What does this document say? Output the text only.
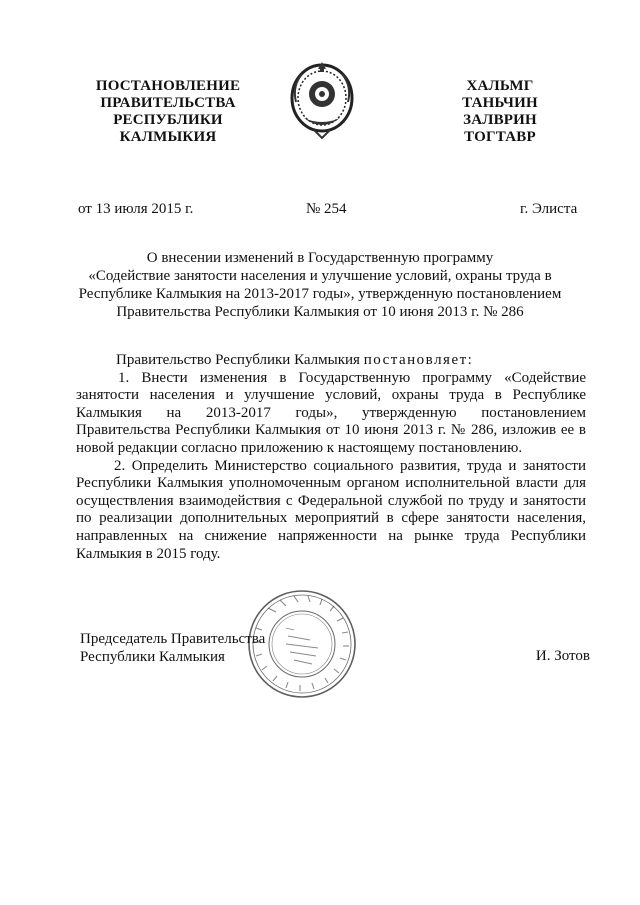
ПОСТАНОВЛЕНИЕ
ПРАВИТЕЛЬСТВА
РЕСПУБЛИКИ
КАЛМЫКИЯ
ХАЛЬМГ
ТАНЬЧИН
ЗАЛВРИН
ТОГТАВР
от 13 июля 2015 г.	№ 254	г. Элиста
О внесении изменений в Государственную программу
«Содействие занятости населения и улучшение условий, охраны труда в
Республике Калмыкия на 2013-2017 годы», утвержденную постановлением
Правительства Республики Калмыкия от 10 июня 2013 г. № 286
Правительство Республики Калмыкия постановляет:
1. Внести изменения в Государственную программу «Содействие
занятости населения и улучшение условий, охраны труда в Республике
Калмыкия на 2013-2017 годы», утвержденную постановлением
Правительства Республики Калмыкия от 10 июня 2013 г. № 286, изложив ее в
новой редакции согласно приложению к настоящему постановлению.
2. Определить Министерство социального развития, труда и занятости
Республики Калмыкия уполномоченным органом исполнительной власти для
осуществления взаимодействия с Федеральной службой по труду и занятости
по реализации дополнительных мероприятий в сфере занятости населения,
направленных на снижение напряженности на рынке труда Республики
Калмыкия в 2015 году.
Председатель Правительства
Республики Калмыкия	И. Зотов
